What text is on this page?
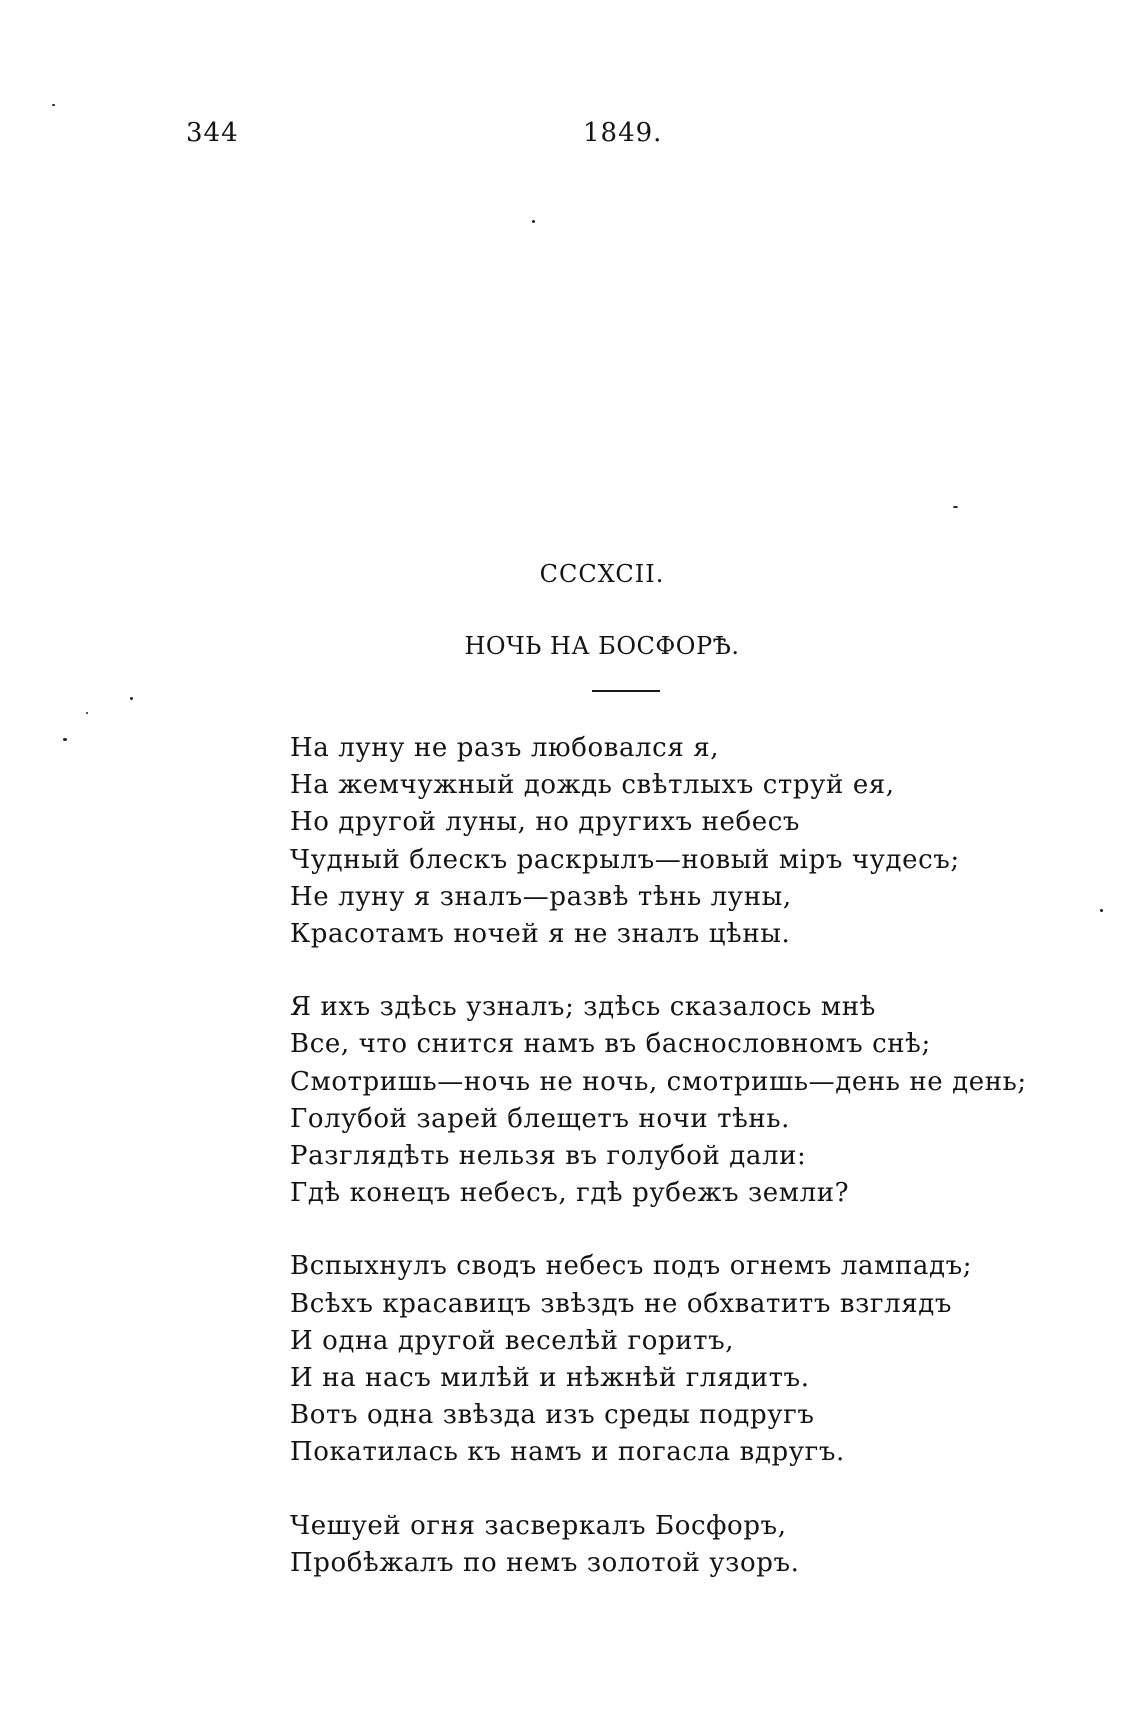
344	1849.
CCCXCII.
НОЧЬ НА БОСФОРѢ.
На луну не разъ любовался я,
На жемчужный дождь свѣтлыхъ струй ея,
Но другой луны, но другихъ небесъ
Чудный блескъ раскрылъ—новый міръ чудесъ;
Не луну я зналъ—развѣ тѣнь луны,
Красотамъ ночей я не зналъ цѣны.
Я ихъ здѣсь узналъ; здѣсь сказалось мнѣ
Все, что снится намъ въ баснословномъ снѣ;
Смотришь—ночь не ночь, смотришь—день не день;
Голубой зарей блещетъ ночи тѣнь.
Разглядѣть нельзя въ голубой дали:
Гдѣ конецъ небесъ, гдѣ рубежъ земли?
Вспыхнулъ сводъ небесъ подъ огнемъ лампадъ;
Всѣхъ красавицъ звѣздъ не обхватитъ взглядъ
И одна другой веселѣй горитъ,
И на насъ милѣй и нѣжнѣй глядитъ.
Вотъ одна звѣзда изъ среды подругъ
Покатилась къ намъ и погасла вдругъ.
Чешуей огня засверкалъ Босфоръ,
Пробѣжалъ по немъ золотой узоръ.
